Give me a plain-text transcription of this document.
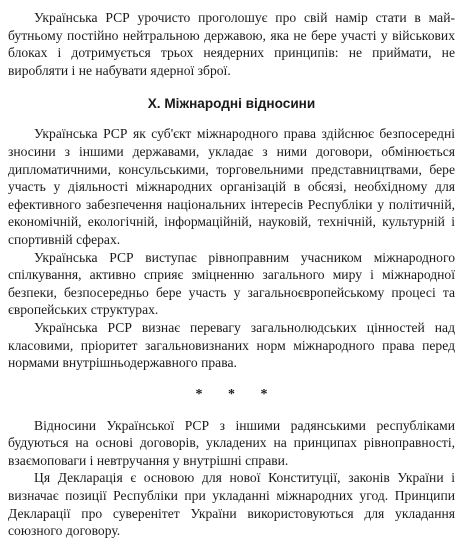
Українська РСР урочисто проголошує про свій намір стати в майбутньому постійно нейтральною державою, яка не бере участі у військових блоках і дотримується трьох неядерних принципів: не приймати, не виробляти і не набувати ядерної зброї.

X. Міжнародні відносини

Українська РСР як суб'єкт міжнародного права здійснює безпосередні зносини з іншими державами, укладає з ними договори, обмінюється дипломатичними, консульськими, торговельними представництвами, бере участь у діяльності міжнародних організацій в обсязі, необхідному для ефективного забезпечення національних інтересів Республіки у політичній, економічній, екологічній, інформаційній, науковій, технічній, культурній і спортивній сферах.

Українська РСР виступає рівноправним учасником міжнародного спілкування, активно сприяє зміцненню загального миру і міжнародної безпеки, безпосередньо бере участь у загальноєвропейському процесі та європейських структурах.

Українська РСР визнає перевагу загальнолюдських цінностей над класовими, пріоритет загальновизнаних норм міжнародного права перед нормами внутрішньодержавного права.

* * *

Відносини Української РСР з іншими радянськими республіками будуються на основі договорів, укладених на принципах рівноправності, взаємоповаги і невтручання у внутрішні справи.

Ця Декларація є основою для нової Конституції, законів України і визначає позиції Республіки при укладанні міжнародних угод. Принципи Декларації про суверенітет України використовуються для укладання союзного договору.
